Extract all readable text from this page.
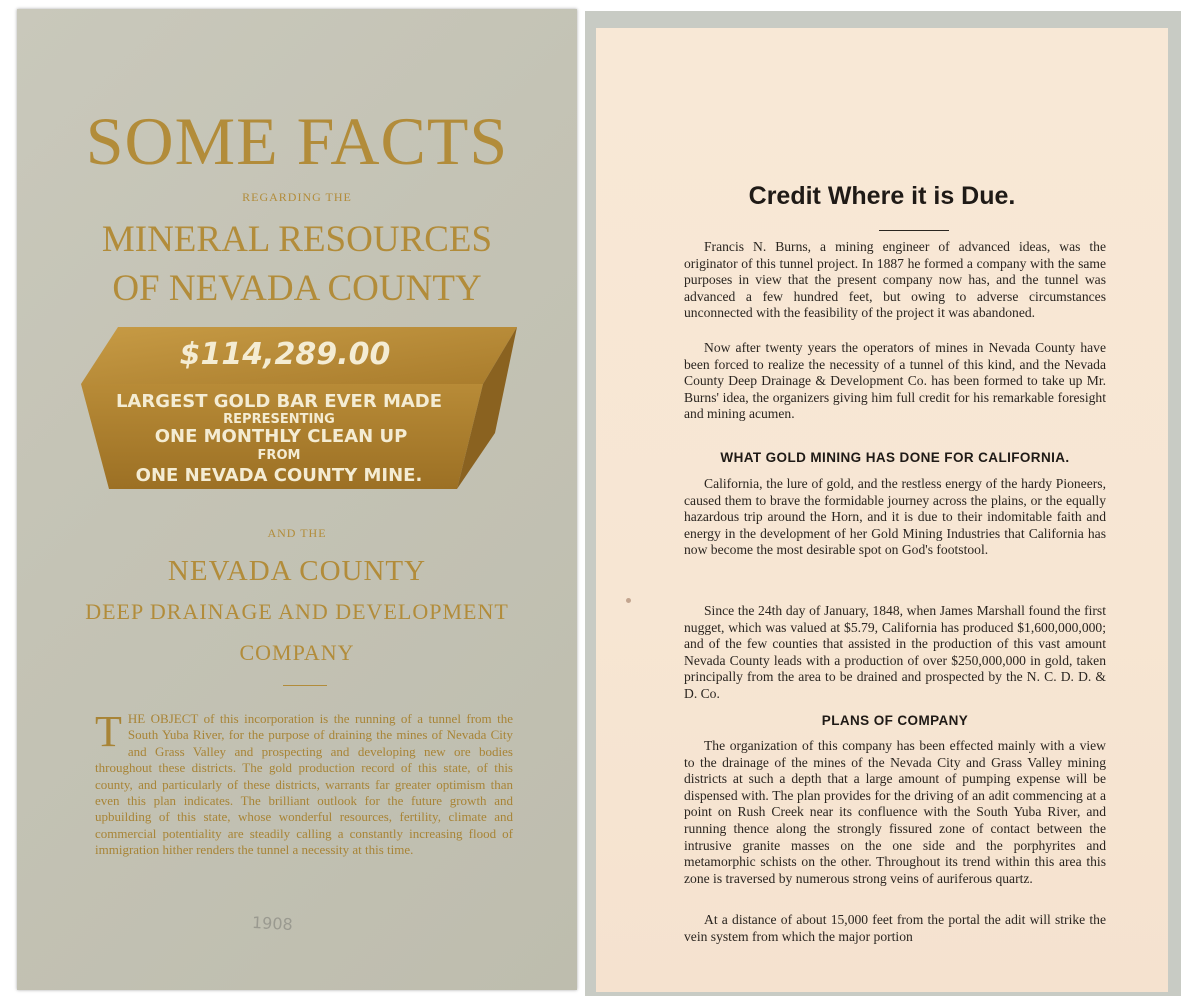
SOME FACTS
REGARDING THE
MINERAL RESOURCES
OF NEVADA COUNTY
$114,289.00
LARGEST GOLD BAR EVER MADE
REPRESENTING
ONE MONTHLY CLEAN UP
FROM
ONE NEVADA COUNTY MINE.
AND THE
NEVADA COUNTY
DEEP DRAINAGE AND DEVELOPMENT
COMPANY
THE OBJECT of this incorporation is the running of a tunnel from the South Yuba River, for the purpose of draining the mines of Nevada City and Grass Valley and prospecting and developing new ore bodies throughout these districts. The gold production record of this state, of this county, and particularly of these districts, warrants far greater optimism than even this plan indicates. The brilliant outlook for the future growth and upbuilding of this state, whose wonderful resources, fertility, climate and commercial potentiality are steadily calling a constantly increasing flood of immigration hither renders the tunnel a necessity at this time.
1908
Credit Where it is Due.
Francis N. Burns, a mining engineer of advanced ideas, was the originator of this tunnel project. In 1887 he formed a company with the same purposes in view that the present company now has, and the tunnel was advanced a few hundred feet, but owing to adverse circumstances unconnected with the feasibility of the project it was abandoned.
Now after twenty years the operators of mines in Nevada County have been forced to realize the necessity of a tunnel of this kind, and the Nevada County Deep Drainage & Development Co. has been formed to take up Mr. Burns' idea, the organizers giving him full credit for his remarkable foresight and mining acumen.
WHAT GOLD MINING HAS DONE FOR CALIFORNIA.
California, the lure of gold, and the restless energy of the hardy Pioneers, caused them to brave the formidable journey across the plains, or the equally hazardous trip around the Horn, and it is due to their indomitable faith and energy in the development of her Gold Mining Industries that California has now become the most desirable spot on God's footstool.
Since the 24th day of January, 1848, when James Marshall found the first nugget, which was valued at $5.79, California has produced $1,600,000,000; and of the few counties that assisted in the production of this vast amount Nevada County leads with a production of over $250,000,000 in gold, taken principally from the area to be drained and prospected by the N. C. D. D. & D. Co.
PLANS OF COMPANY
The organization of this company has been effected mainly with a view to the drainage of the mines of the Nevada City and Grass Valley mining districts at such a depth that a large amount of pumping expense will be dispensed with. The plan provides for the driving of an adit commencing at a point on Rush Creek near its confluence with the South Yuba River, and running thence along the strongly fissured zone of contact between the intrusive granite masses on the one side and the porphyrites and metamorphic schists on the other. Throughout its trend within this area this zone is traversed by numerous strong veins of auriferous quartz.
At a distance of about 15,000 feet from the portal the adit will strike the vein system from which the major portion
